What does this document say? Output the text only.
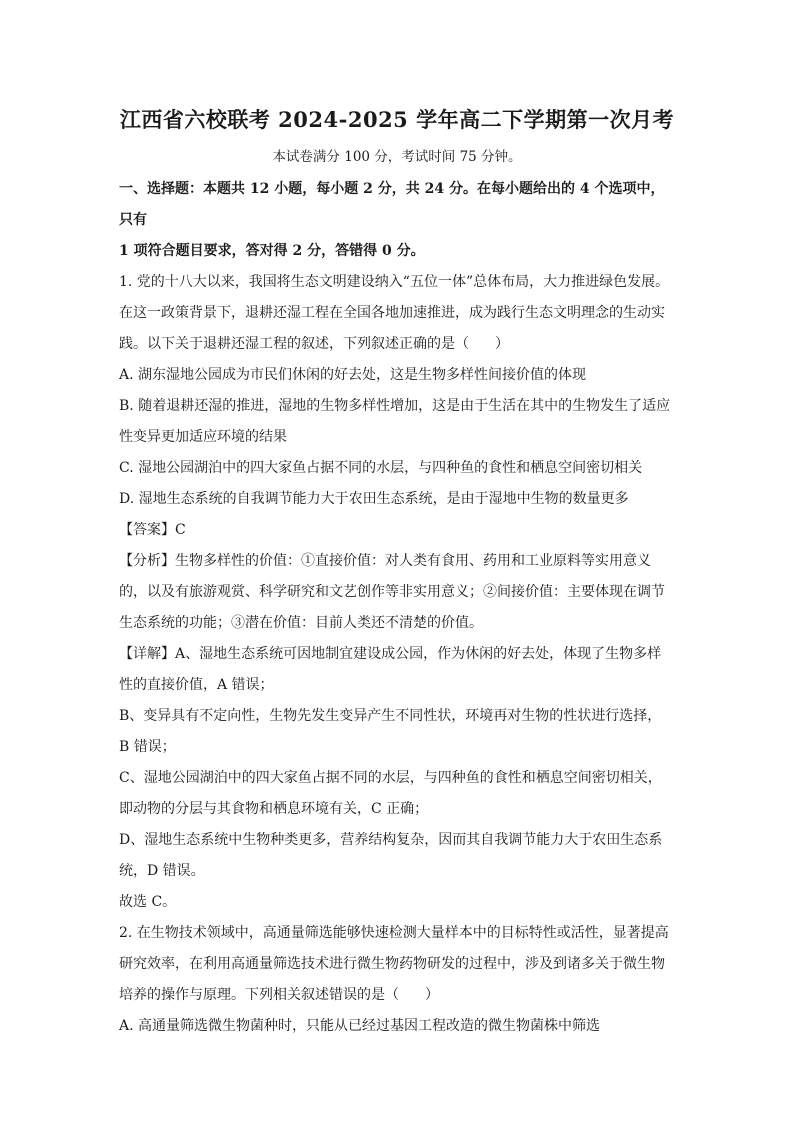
江西省六校联考 2024-2025 学年高二下学期第一次月考
本试卷满分 100 分，考试时间 75 分钟。

一、选择题：本题共 12 小题，每小题 2 分，共 24 分。在每小题给出的 4 个选项中，只有

1 项符合题目要求，答对得 2 分，答错得 0 分。

1. 党的十八大以来，我国将生态文明建设纳入“五位一体”总体布局，大力推进绿色发展。

在这一政策背景下，退耕还湿工程在全国各地加速推进，成为践行生态文明理念的生动实

践。以下关于退耕还湿工程的叙述，下列叙述正确的是（ ）

A. 湖东湿地公园成为市民们休闲的好去处，这是生物多样性间接价值的体现

B. 随着退耕还湿的推进，湿地的生物多样性增加，这是由于生活在其中的生物发生了适应

性变异更加适应环境的结果

C. 湿地公园湖泊中的四大家鱼占据不同的水层，与四种鱼的食性和栖息空间密切相关

D. 湿地生态系统的自我调节能力大于农田生态系统，是由于湿地中生物的数量更多

【答案】C

【分析】生物多样性的价值：①直接价值：对人类有食用、药用和工业原料等实用意义

的，以及有旅游观赏、科学研究和文艺创作等非实用意义；②间接价值：主要体现在调节

生态系统的功能；③潜在价值：目前人类还不清楚的价值。

【详解】A、湿地生态系统可因地制宜建设成公园，作为休闲的好去处，体现了生物多样

性的直接价值，A 错误；

B、变异具有不定向性，生物先发生变异产生不同性状，环境再对生物的性状进行选择，

B 错误；

C、湿地公园湖泊中的四大家鱼占据不同的水层，与四种鱼的食性和栖息空间密切相关，

即动物的分层与其食物和栖息环境有关，C 正确；

D、湿地生态系统中生物种类更多，营养结构复杂，因而其自我调节能力大于农田生态系

统，D 错误。

故选 C。

2. 在生物技术领域中，高通量筛选能够快速检测大量样本中的目标特性或活性，显著提高

研究效率，在利用高通量筛选技术进行微生物药物研发的过程中，涉及到诸多关于微生物

培养的操作与原理。下列相关叙述错误的是（ ）

A. 高通量筛选微生物菌种时，只能从已经过基因工程改造的微生物菌株中筛选
